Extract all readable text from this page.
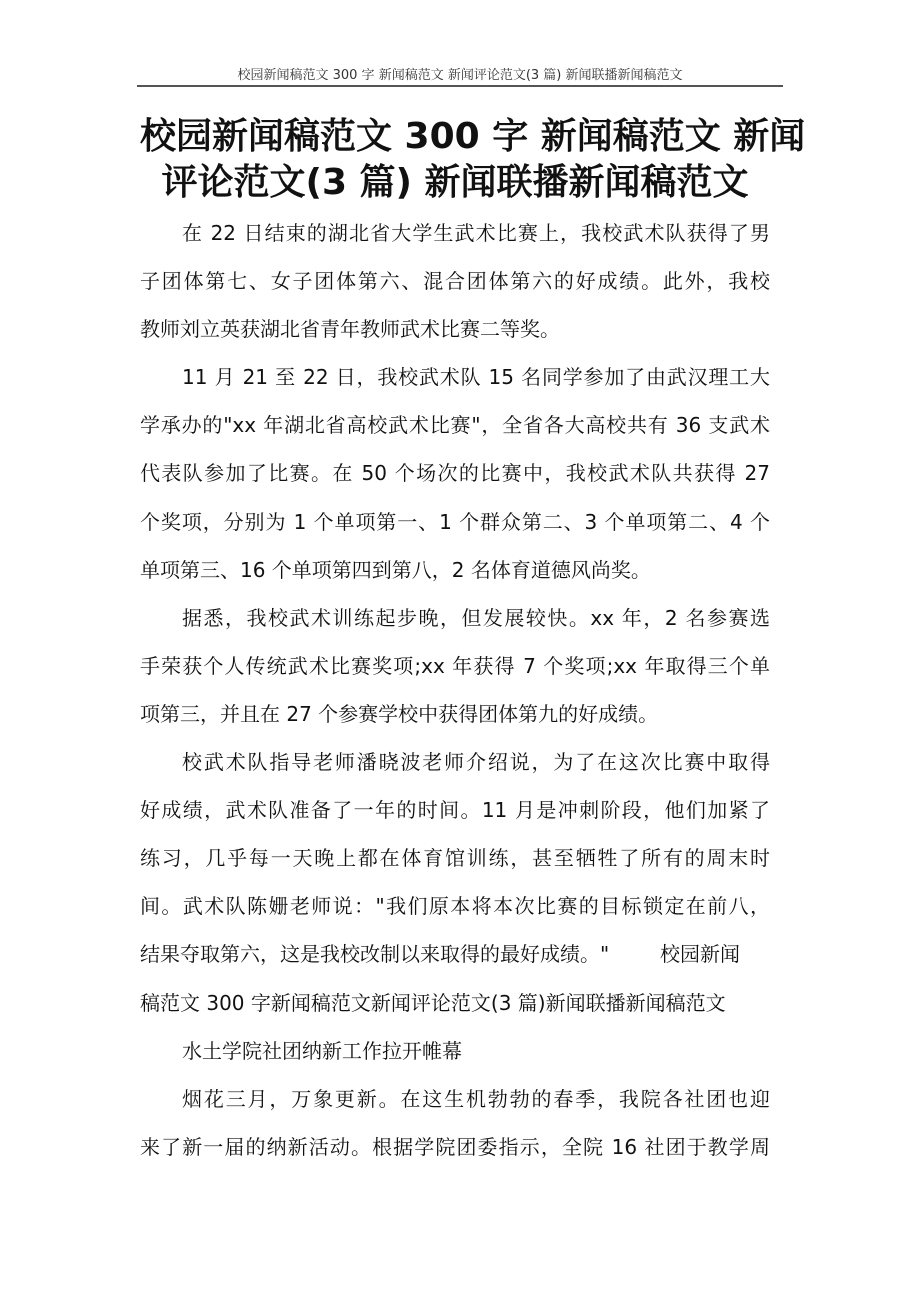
校园新闻稿范文 300 字 新闻稿范文 新闻评论范文(3 篇) 新闻联播新闻稿范文
校园新闻稿范文 300 字 新闻稿范文 新闻
评论范文(3 篇) 新闻联播新闻稿范文
在 22 日结束的湖北省大学生武术比赛上，我校武术队获得了男
子团体第七、女子团体第六、混合团体第六的好成绩。此外，我校
教师刘立英获湖北省青年教师武术比赛二等奖。
11 月 21 至 22 日，我校武术队 15 名同学参加了由武汉理工大
学承办的"xx 年湖北省高校武术比赛"，全省各大高校共有 36 支武术
代表队参加了比赛。在 50 个场次的比赛中，我校武术队共获得 27
个奖项，分别为 1 个单项第一、1 个群众第二、3 个单项第二、4 个
单项第三、16 个单项第四到第八，2 名体育道德风尚奖。
据悉，我校武术训练起步晚，但发展较快。xx 年，2 名参赛选
手荣获个人传统武术比赛奖项;xx 年获得 7 个奖项;xx 年取得三个单
项第三，并且在 27 个参赛学校中获得团体第九的好成绩。
校武术队指导老师潘晓波老师介绍说，为了在这次比赛中取得
好成绩，武术队准备了一年的时间。11 月是冲刺阶段，他们加紧了
练习，几乎每一天晚上都在体育馆训练，甚至牺牲了所有的周末时
间。武术队陈姗老师说："我们原本将本次比赛的目标锁定在前八，
结果夺取第六，这是我校改制以来取得的最好成绩。"        校园新闻
稿范文 300 字新闻稿范文新闻评论范文(3 篇)新闻联播新闻稿范文
水土学院社团纳新工作拉开帷幕
烟花三月，万象更新。在这生机勃勃的春季，我院各社团也迎
来了新一届的纳新活动。根据学院团委指示，全院 16 社团于教学周
